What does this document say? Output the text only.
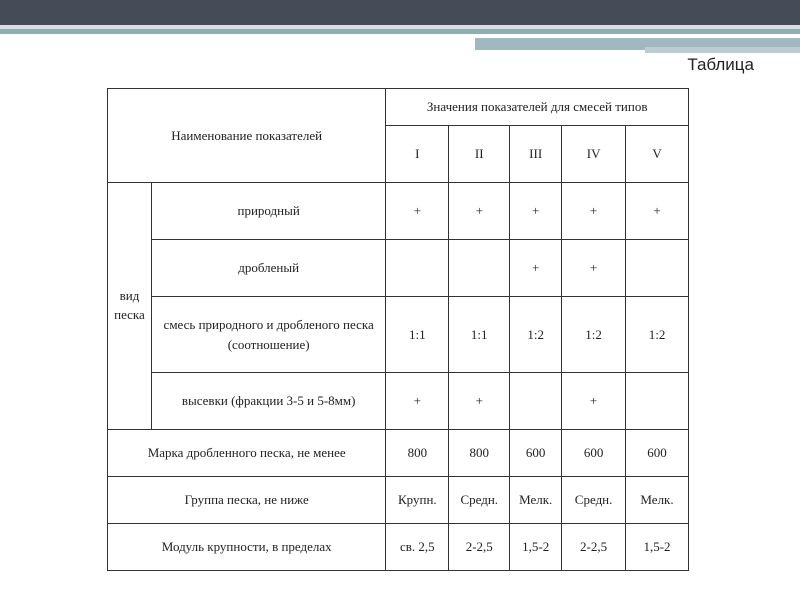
Таблица
Наименование показателей		Значения показателей для смесей типов				
		I	II	III	IV	V
вид песка	природный	+	+	+	+	+
	дробленый			+	+	
	смесь природного и дробленого песка (соотношение)	1:1	1:1	1:2	1:2	1:2
	высевки (фракции 3-5 и 5-8мм)	+	+		+	
Марка дробленного песка, не менее		800	800	600	600	600
Группа песка, не ниже		Крупн.	Средн.	Мелк.	Средн.	Мелк.
Модуль крупности, в пределах		св. 2,5	2-2,5	1,5-2	2-2,5	1,5-2
